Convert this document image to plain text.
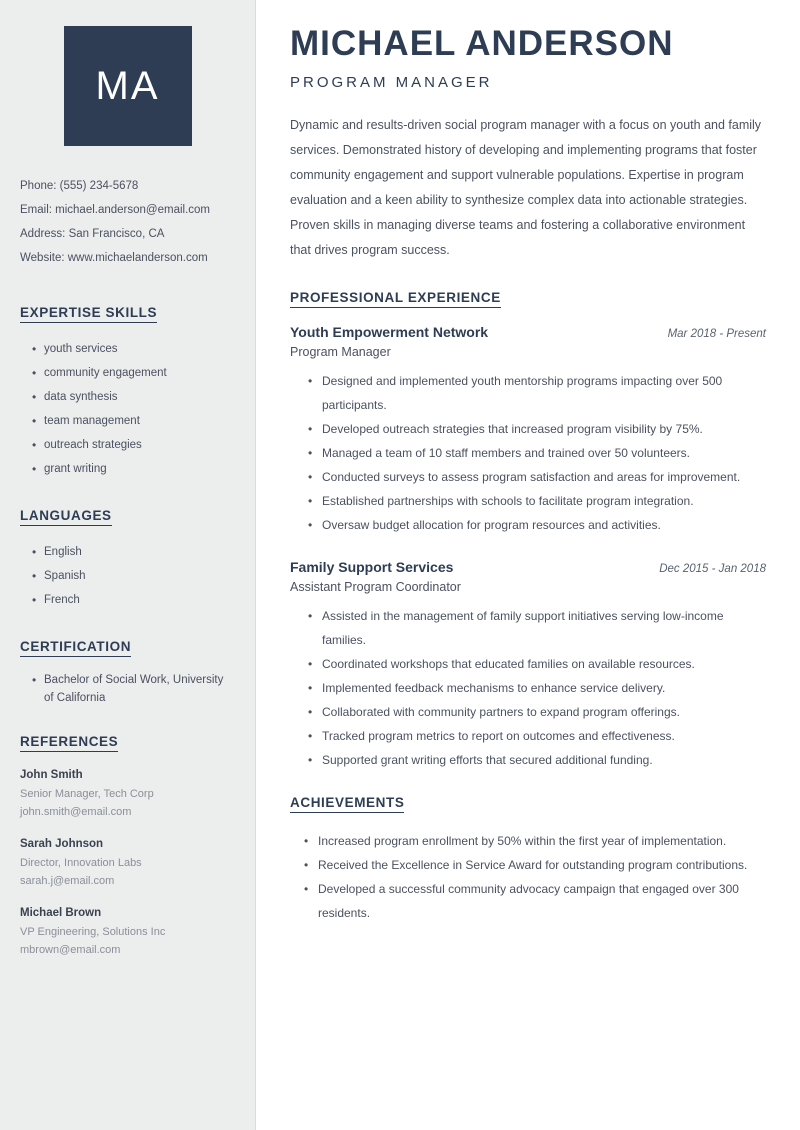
MA
Phone: (555) 234-5678
Email: michael.anderson@email.com
Address: San Francisco, CA
Website: www.michaelanderson.com
EXPERTISE SKILLS
• youth services
• community engagement
• data synthesis
• team management
• outreach strategies
• grant writing
LANGUAGES
• English
• Spanish
• French
CERTIFICATION
• Bachelor of Social Work, University of California
REFERENCES
John Smith
Senior Manager, Tech Corp
john.smith@email.com
Sarah Johnson
Director, Innovation Labs
sarah.j@email.com
Michael Brown
VP Engineering, Solutions Inc
mbrown@email.com
MICHAEL ANDERSON
PROGRAM MANAGER

Dynamic and results-driven social program manager with a focus on youth and family services. Demonstrated history of developing and implementing programs that foster community engagement and support vulnerable populations. Expertise in program evaluation and a keen ability to synthesize complex data into actionable strategies. Proven skills in managing diverse teams and fostering a collaborative environment that drives program success.

PROFESSIONAL EXPERIENCE
Youth Empowerment Network	Mar 2018 - Present
Program Manager
• Designed and implemented youth mentorship programs impacting over 500 participants.
• Developed outreach strategies that increased program visibility by 75%.
• Managed a team of 10 staff members and trained over 50 volunteers.
• Conducted surveys to assess program satisfaction and areas for improvement.
• Established partnerships with schools to facilitate program integration.
• Oversaw budget allocation for program resources and activities.
Family Support Services	Dec 2015 - Jan 2018
Assistant Program Coordinator
• Assisted in the management of family support initiatives serving low-income families.
• Coordinated workshops that educated families on available resources.
• Implemented feedback mechanisms to enhance service delivery.
• Collaborated with community partners to expand program offerings.
• Tracked program metrics to report on outcomes and effectiveness.
• Supported grant writing efforts that secured additional funding.
ACHIEVEMENTS
• Increased program enrollment by 50% within the first year of implementation.
• Received the Excellence in Service Award for outstanding program contributions.
• Developed a successful community advocacy campaign that engaged over 300 residents.
